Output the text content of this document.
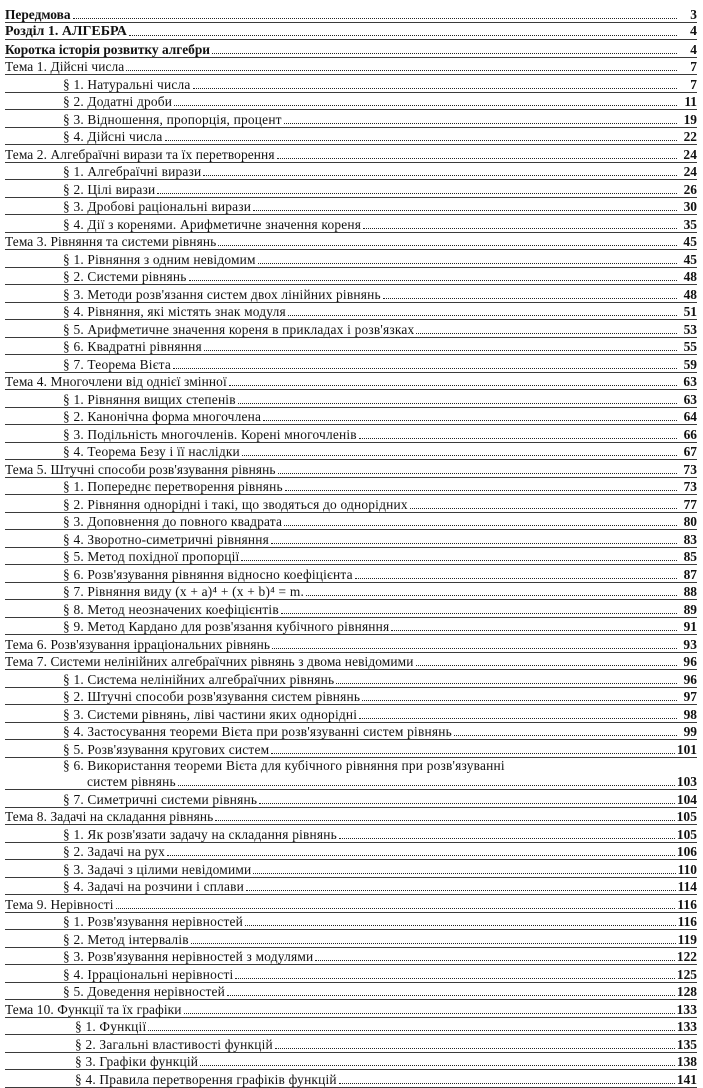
Передмова	3
Розділ 1. АЛГЕБРА	4
Коротка історія розвитку алгебри	4
Тема 1. Дійсні числа	7
§ 1. Натуральні числа	7
§ 2. Додатні дроби	11
§ 3. Відношення, пропорція, процент	19
§ 4. Дійсні числа	22
Тема 2. Алгебраїчні вирази та їх перетворення	24
§ 1. Алгебраїчні вирази	24
§ 2. Цілі вирази	26
§ 3. Дробові раціональні вирази	30
§ 4. Дії з коренями. Арифметичне значення кореня	35
Тема 3. Рівняння та системи рівнянь	45
§ 1. Рівняння з одним невідомим	45
§ 2. Системи рівнянь	48
§ 3. Методи розв'язання систем двох лінійних рівнянь	48
§ 4. Рівняння, які містять знак модуля	51
§ 5. Арифметичне значення кореня в прикладах і розв'язках	53
§ 6. Квадратні рівняння	55
§ 7. Теорема Вієта	59
Тема 4. Многочлени від однієї змінної	63
§ 1. Рівняння вищих степенів	63
§ 2. Канонічна форма многочлена	64
§ 3. Подільність многочленів. Корені многочленів	66
§ 4. Теорема Безу і її наслідки	67
Тема 5. Штучні способи розв'язування рівнянь	73
§ 1. Попереднє перетворення рівнянь	73
§ 2. Рівняння однорідні і такі, що зводяться до однорідних	77
§ 3. Доповнення до повного квадрата	80
§ 4. Зворотно-симетричні рівняння	83
§ 5. Метод похідної пропорції	85
§ 6. Розв'язування рівняння відносно коефіцієнта	87
§ 7. Рівняння виду (x + a)⁴ + (x + b)⁴ = m.	88
§ 8. Метод неозначених коефіцієнтів	89
§ 9. Метод Кардано для розв'язання кубічного рівняння	91
Тема 6. Розв'язування ірраціональних рівнянь	93
Тема 7. Системи нелінійних алгебраїчних рівнянь з двома невідомими	96
§ 1. Система нелінійних алгебраїчних рівнянь	96
§ 2. Штучні способи розв'язування систем рівнянь	97
§ 3. Системи рівнянь, ліві частини яких однорідні	98
§ 4. Застосування теореми Вієта при розв'язуванні систем рівнянь	99
§ 5. Розв'язування кругових систем	101
§ 6. Використання теореми Вієта для кубічного рівняння при розв'язуванні
систем рівнянь	103
§ 7. Симетричні системи рівнянь	104
Тема 8. Задачі на складання рівнянь	105
§ 1. Як розв'язати задачу на складання рівнянь	105
§ 2. Задачі на рух	106
§ 3. Задачі з цілими невідомими	110
§ 4. Задачі на розчини і сплави	114
Тема 9. Нерівності	116
§ 1. Розв'язування нерівностей	116
§ 2. Метод інтервалів	119
§ 3. Розв'язування нерівностей з модулями	122
§ 4. Ірраціональні нерівності	125
§ 5. Доведення нерівностей	128
Тема 10. Функції та їх графіки	133
§ 1. Функції	133
§ 2. Загальні властивості функцій	135
§ 3. Графіки функцій	138
§ 4. Правила перетворення графіків функцій	141
